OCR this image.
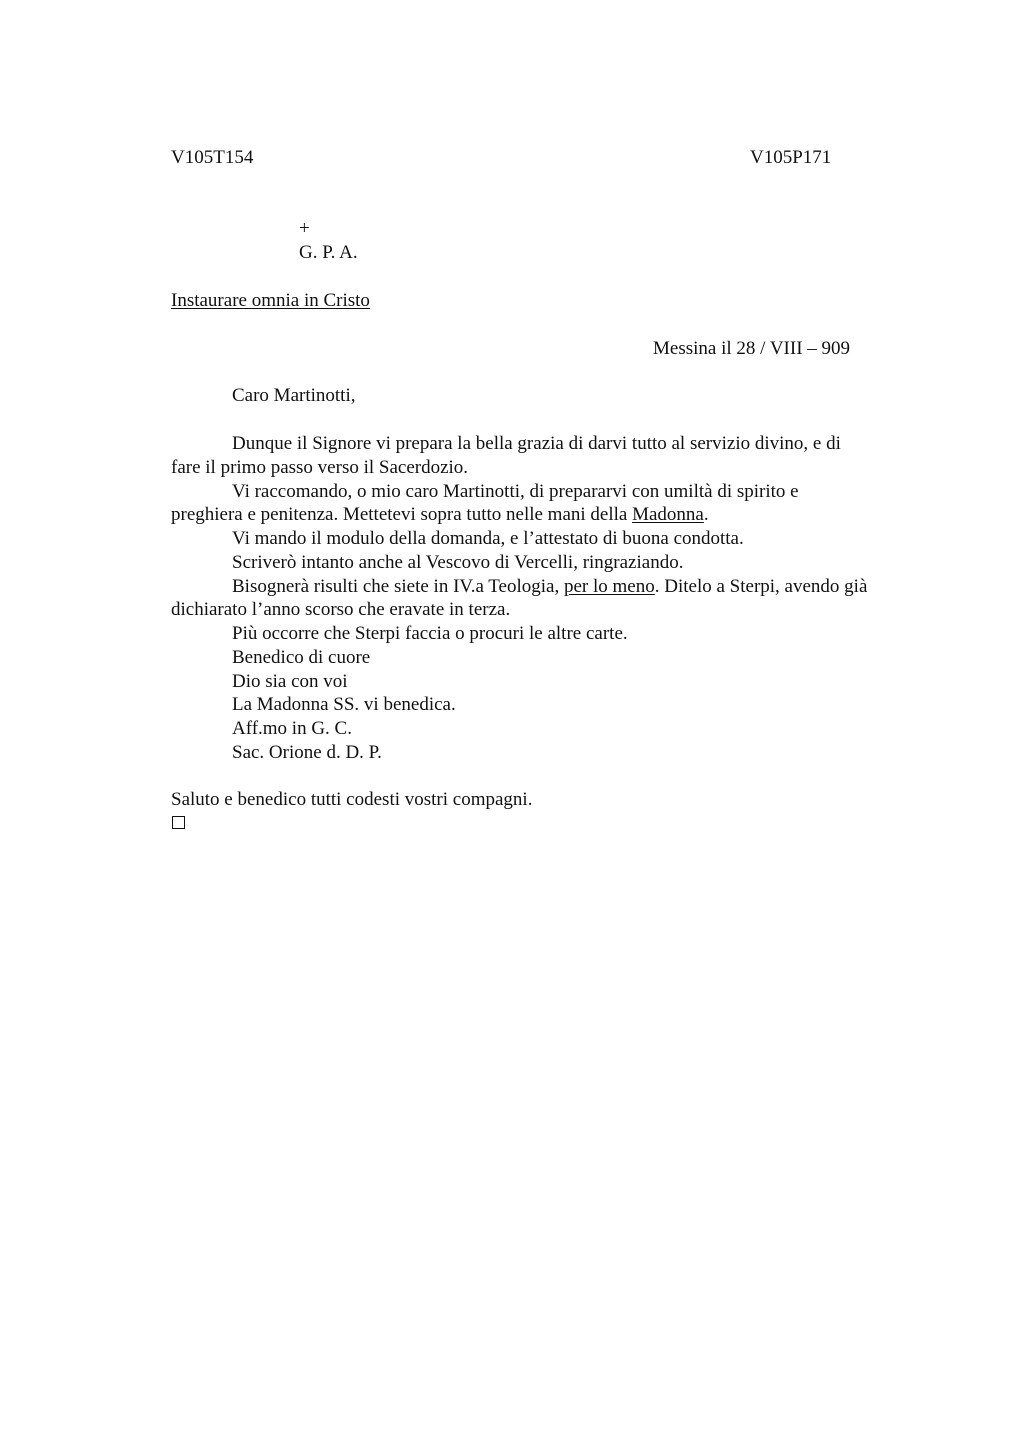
V105T154	V105P171
+
G. P. A.
Instaurare omnia in Cristo
Messina il 28 / VIII – 909
Caro Martinotti,
Dunque il Signore vi prepara la bella grazia di darvi tutto al servizio divino, e di
fare il primo passo verso il Sacerdozio.
Vi raccomando, o mio caro Martinotti, di prepararvi con umiltà di spirito e
preghiera e penitenza. Mettetevi sopra tutto nelle mani della Madonna.
Vi mando il modulo della domanda, e l’attestato di buona condotta.
Scriverò intanto anche al Vescovo di Vercelli, ringraziando.
Bisognerà risulti che siete in IV.a Teologia, per lo meno. Ditelo a Sterpi, avendo già
dichiarato l’anno scorso che eravate in terza.
Più occorre che Sterpi faccia o procuri le altre carte.
Benedico di cuore
Dio sia con voi
La Madonna SS. vi benedica.
Aff.mo in G. C.
Sac. Orione d. D. P.
Saluto e benedico tutti codesti vostri compagni.
